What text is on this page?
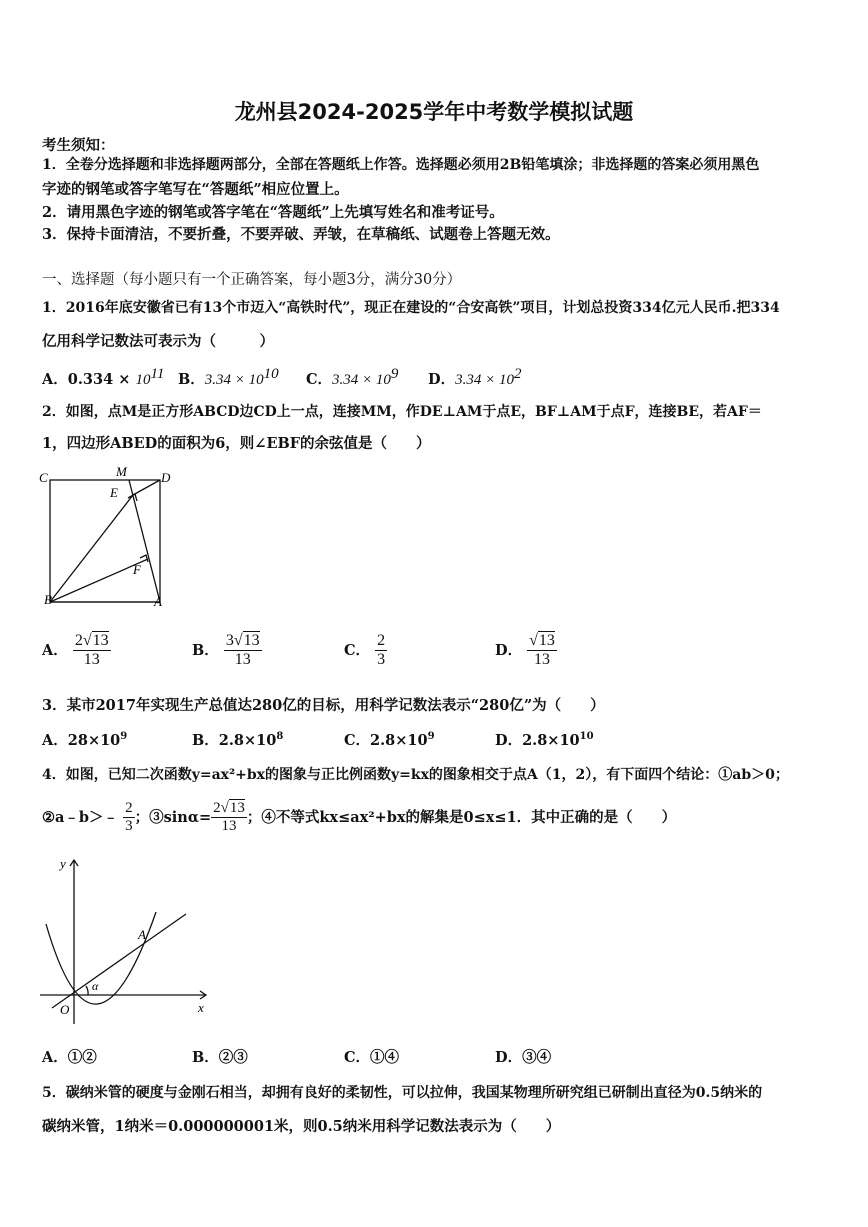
龙州县2024-2025学年中考数学模拟试题
考生须知：
1．全卷分选择题和非选择题两部分，全部在答题纸上作答。选择题必须用2B铅笔填涂；非选择题的答案必须用黑色
字迹的钢笔或答字笔写在“答题纸”相应位置上。
2．请用黑色字迹的钢笔或答字笔在“答题纸”上先填写姓名和准考证号。
3．保持卡面清洁，不要折叠，不要弄破、弄皱，在草稿纸、试题卷上答题无效。
一、选择题（每小题只有一个正确答案，每小题3分，满分30分）
1．2016年底安徽省已有13个市迈入“高铁时代”，现正在建设的“合安高铁”项目，计划总投资334亿元人民币.把334
亿用科学记数法可表示为（　　　）
A．$0.334 \times 10^{11}$ B．$3.34 \times 10^{10}$ C．$3.34 \times 10^9$ D．$3.34 \times 10^2$
2．如图，点M是正方形ABCD边CD上一点，连接MM，作DE⊥AM于点E，BF⊥AM于点F，连接BE，若AF＝
1，四边形ABED的面积为6，则∠EBF的余弦值是（　　）
C	M	D
E
F
B	A
A． $\frac{2√13}{13}$	B． $\frac{3√13}{13}$	C． $\frac{2}{3}$	D． $\frac{√13}{13}$
3．某市2017年实现生产总值达280亿的目标，用科学记数法表示“280亿”为（　　）
A．$28\times 10^9$	B．$2.8\times 10^8$	C．$2.8\times 10^9$	D．$2.8\times 10^{10}$
4．如图，已知二次函数y=ax²+bx的图象与正比例函数y=kx的图象相交于点A（1，2），有下面四个结论：①ab＞0；
②a﹣b＞﹣ $\frac{2}{3}$ ；③sinα= $\frac{2√13}{13}$ ；④不等式kx≤ax²+bx的解集是0≤x≤1．其中正确的是（　　）
y
x
O
A
α
A．①②	B．②③	C．①④	D．③④
5．碳纳米管的硬度与金刚石相当，却拥有良好的柔韧性，可以拉伸，我国某物理所研究组已研制出直径为0.5纳米的
碳纳米管，1纳米＝0.000000001米，则0.5纳米用科学记数法表示为（　　）
